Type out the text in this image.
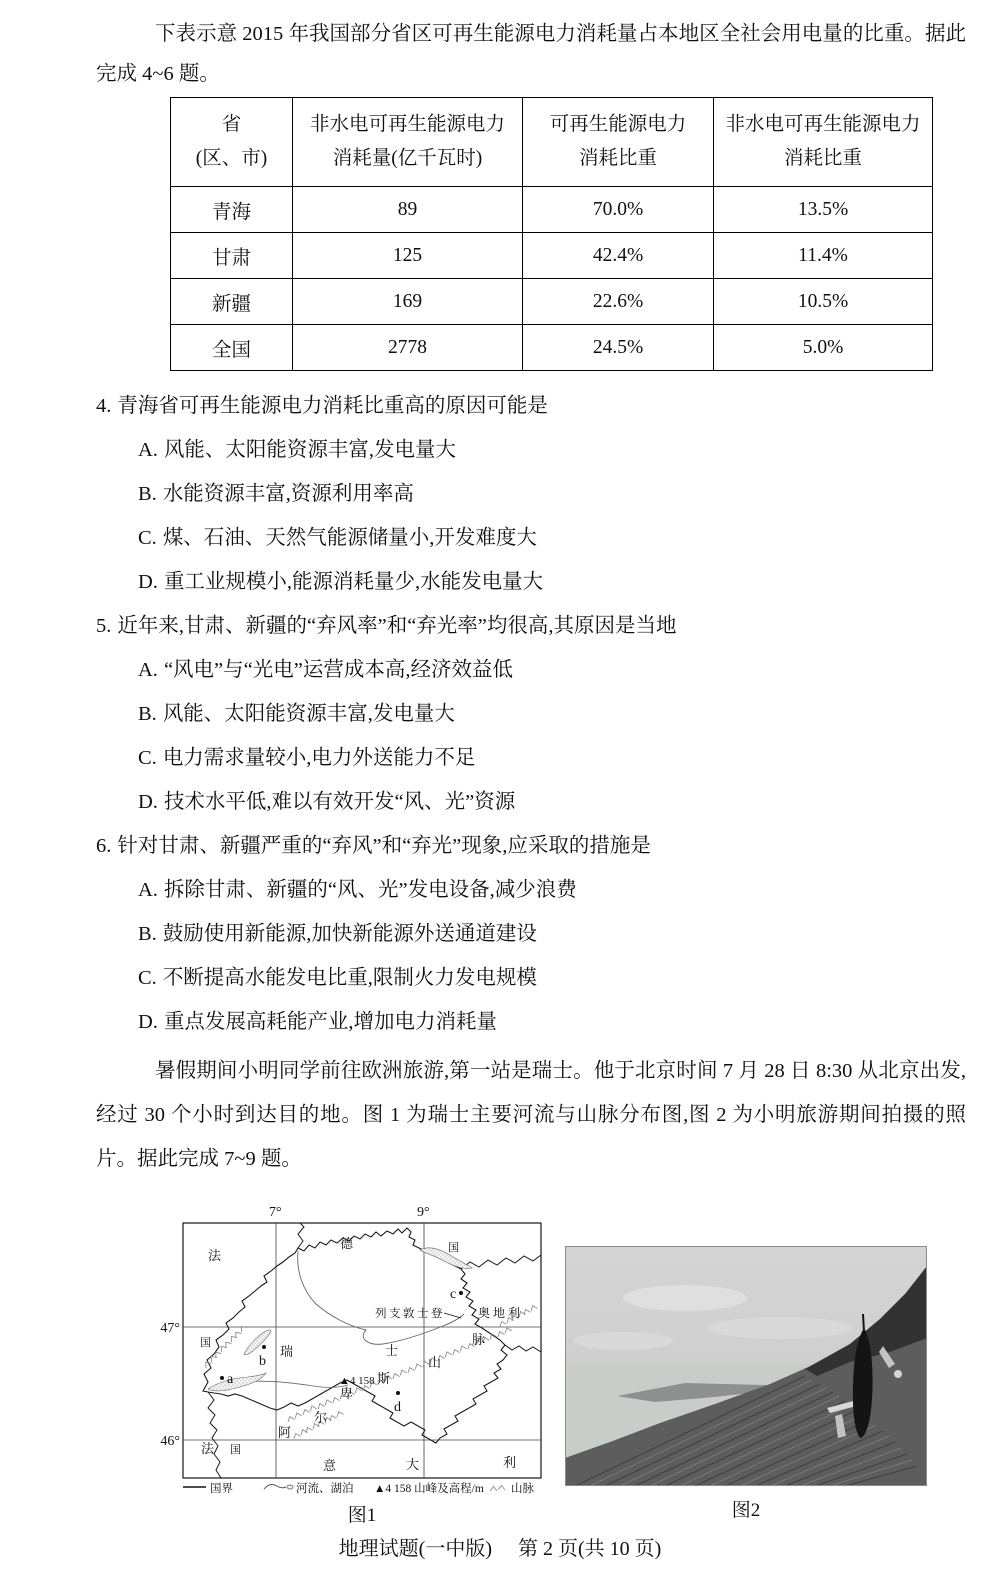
下表示意 2015 年我国部分省区可再生能源电力消耗量占本地区全社会用电量的比重。据此完成 4~6 题。
省
(区、市)

非水电可再生能源电力
消耗量(亿千瓦时)

可再生能源电力
消耗比重

非水电可再生能源电力
消耗比重

青海	89	70.0%	13.5%
甘肃	125	42.4%	11.4%
新疆	169	22.6%	10.5%
全国	2778	24.5%	5.0%
4. 青海省可再生能源电力消耗比重高的原因可能是
A. 风能、太阳能资源丰富,发电量大
B. 水能资源丰富,资源利用率高
C. 煤、石油、天然气能源储量小,开发难度大
D. 重工业规模小,能源消耗量少,水能发电量大
5. 近年来,甘肃、新疆的“弃风率”和“弃光率”均很高,其原因是当地
A. “风电”与“光电”运营成本高,经济效益低
B. 风能、太阳能资源丰富,发电量大
C. 电力需求量较小,电力外送能力不足
D. 技术水平低,难以有效开发“风、光”资源
6. 针对甘肃、新疆严重的“弃风”和“弃光”现象,应采取的措施是
A. 拆除甘肃、新疆的“风、光”发电设备,减少浪费
B. 鼓励使用新能源,加快新能源外送通道建设
C. 不断提高水能发电比重,限制火力发电规模
D. 重点发展高耗能产业,增加电力消耗量
暑假期间小明同学前往欧洲旅游,第一站是瑞士。他于北京时间 7 月 28 日 8:30 从北京出发,经过 30 个小时到达目的地。图 1 为瑞士主要河流与山脉分布图,图 2 为小明旅游期间拍摄的照片。据此完成 7~9 题。
7°	9°
47°
46°
法
德	国
国
列支敦士登	奥地利
瑞	士
阿
尔
卑
斯
山
脉
▲4 158
a
b
c
d
法 国
意	大	利
国界	河流、湖泊 ▲4 158 山峰及高程/m 山脉
图1	图2
地理试题(一中版) 第 2 页(共 10 页)
